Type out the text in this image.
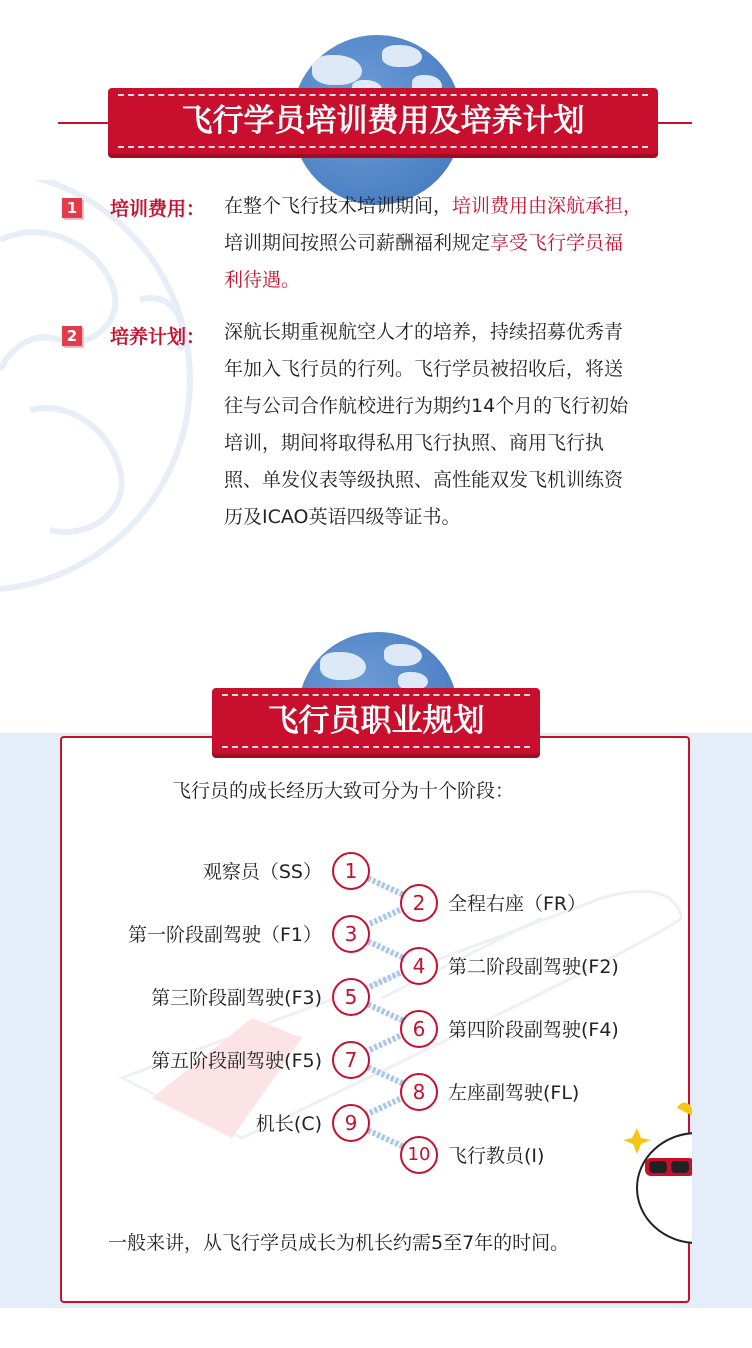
飞行学员培训费用及培养计划
1 培训费用： 在整个飞行技术培训期间，培训费用由深航承担，
培训期间按照公司薪酬福利规定享受飞行学员福
利待遇。
2 培养计划： 深航长期重视航空人才的培养，持续招募优秀青
年加入飞行员的行列。飞行学员被招收后，将送
往与公司合作航校进行为期约14个月的飞行初始
培训，期间将取得私用飞行执照、商用飞行执
照、单发仪表等级执照、高性能双发飞机训练资
历及ICAO英语四级等证书。
飞行员的成长经历大致可分为十个阶段：
1
观察员（SS）
2	全程右座（FR）
3
第一阶段副驾驶（F1）
4	第二阶段副驾驶(F2)
5
第三阶段副驾驶(F3)
6	第四阶段副驾驶(F4)
7
第五阶段副驾驶(F5)
8	左座副驾驶(FL)
9
机长(C)
10 飞行教员(I)
一般来讲，从飞行学员成长为机长约需5至7年的时间。
飞行员职业规划
